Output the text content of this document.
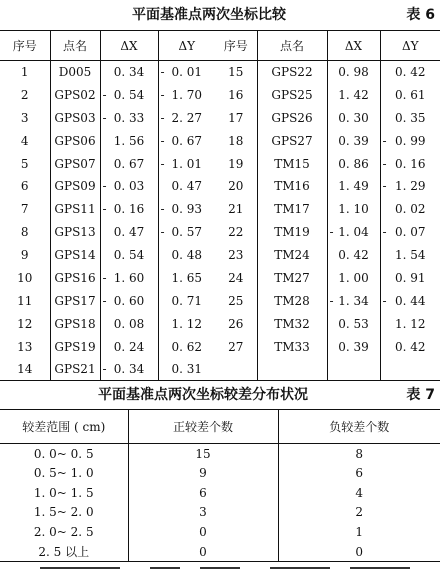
平面基准点两次坐标比较	表 6
序号	点名	ΔX	ΔY	序号	点名	ΔX	ΔY
1	D005	0. 34	- 0. 01	15	GPS22	0. 98	0. 42
2	GPS02	- 0. 54	- 1. 70	16	GPS25	1. 42	0. 61
3	GPS03	- 0. 33	- 2. 27	17	GPS26	0. 30	0. 35
4	GPS06	1. 56	- 0. 67	18	GPS27	0. 39	- 0. 99
5	GPS07	0. 67	- 1. 01	19	TM15	0. 86	- 0. 16
6	GPS09	- 0. 03	0. 47	20	TM16	1. 49	- 1. 29
7	GPS11	- 0. 16	- 0. 93	21	TM17	1. 10	0. 02
8	GPS13	0. 47	- 0. 57	22	TM19	- 1. 04	- 0. 07
9	GPS14	0. 54	0. 48	23	TM24	0. 42	1. 54
10	GPS16	- 1. 60	1. 65	24	TM27	1. 00	0. 91
11	GPS17	- 0. 60	0. 71	25	TM28	- 1. 34	- 0. 44
12	GPS18	0. 08	1. 12	26	TM32	0. 53	1. 12
13	GPS19	0. 24	0. 62	27	TM33	0. 39	0. 42
14	GPS21	- 0. 34	0. 31				
平面基准点两次坐标较差分布状况	表 7
较差范围 ( cm)	正较差个数	负较差个数
0. 0~ 0. 5	15	8
0. 5~ 1. 0	9	6
1. 0~ 1. 5	6	4
1. 5~ 2. 0	3	2
2. 0~ 2. 5	0	1
2. 5 以上	0	0
